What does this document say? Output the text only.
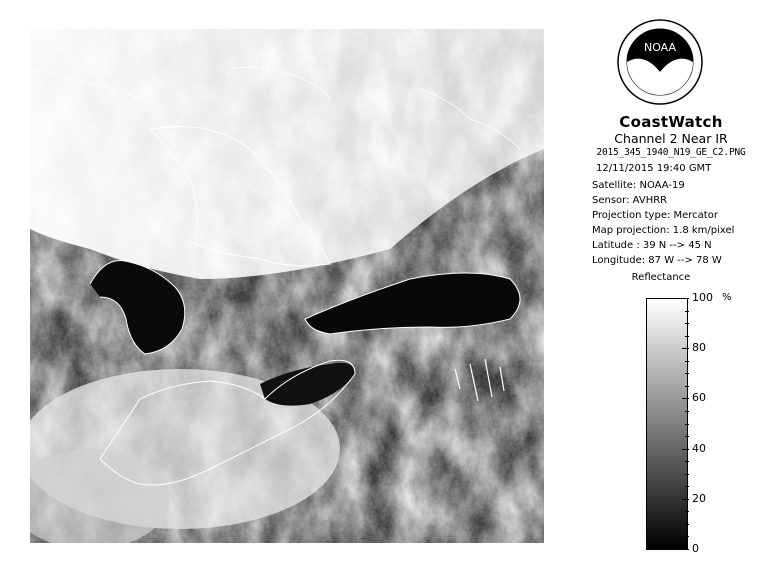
NOAA
CoastWatch
Channel 2 Near IR
2015_345_1940_N19_GE_C2.PNG
12/11/2015 19:40 GMT
Satellite: NOAA-19
Sensor: AVHRR
Projection type: Mercator
Map projection: 1.8 km/pixel
Latitude : 39 N --> 45 N
Longitude: 87 W --> 78 W
Reflectance
%
100
80
60
40
20
0
